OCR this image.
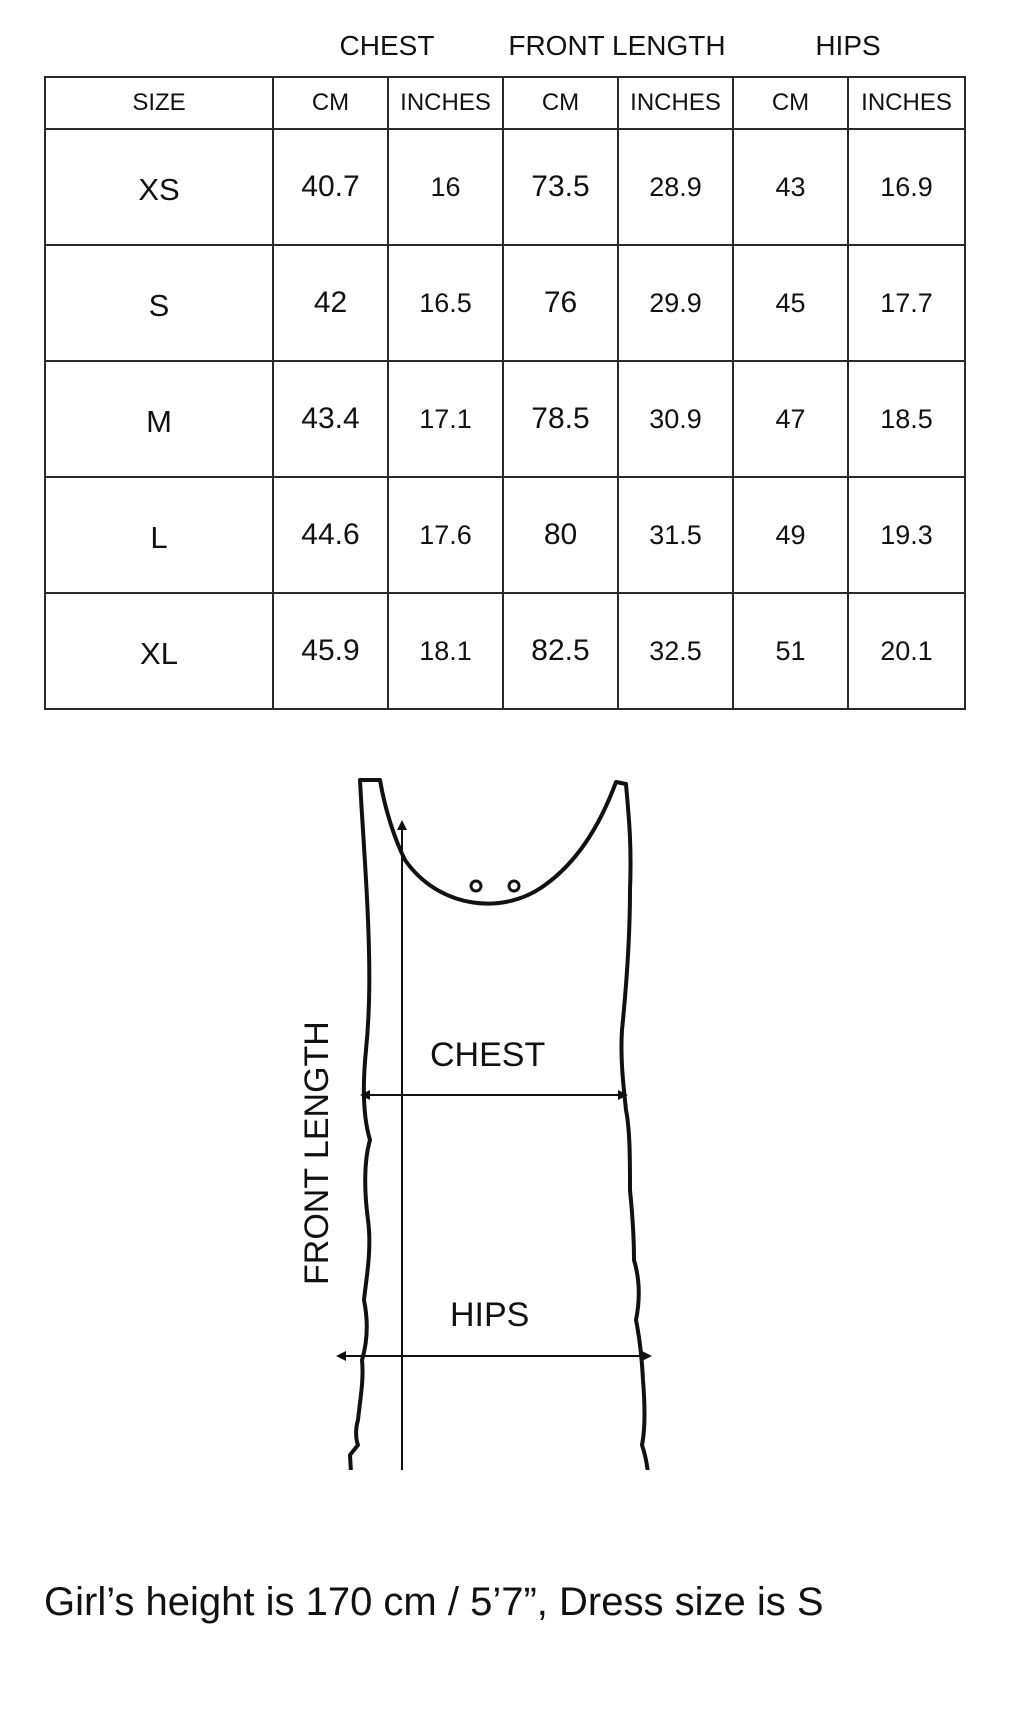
CHEST	FRONT LENGTH	HIPS
SIZE	CM	INCHES	CM	INCHES	CM	INCHES
XS	40.7	16	73.5	28.9	43	16.9
S	42	16.5	76	29.9	45	17.7
M	43.4	17.1	78.5	30.9	47	18.5
L	44.6	17.6	80	31.5	49	19.3
XL	45.9	18.1	82.5	32.5	51	20.1
CHEST
HIPS
FRONT LENGTH
Girl’s height is 170 cm / 5’7”, Dress size is S
